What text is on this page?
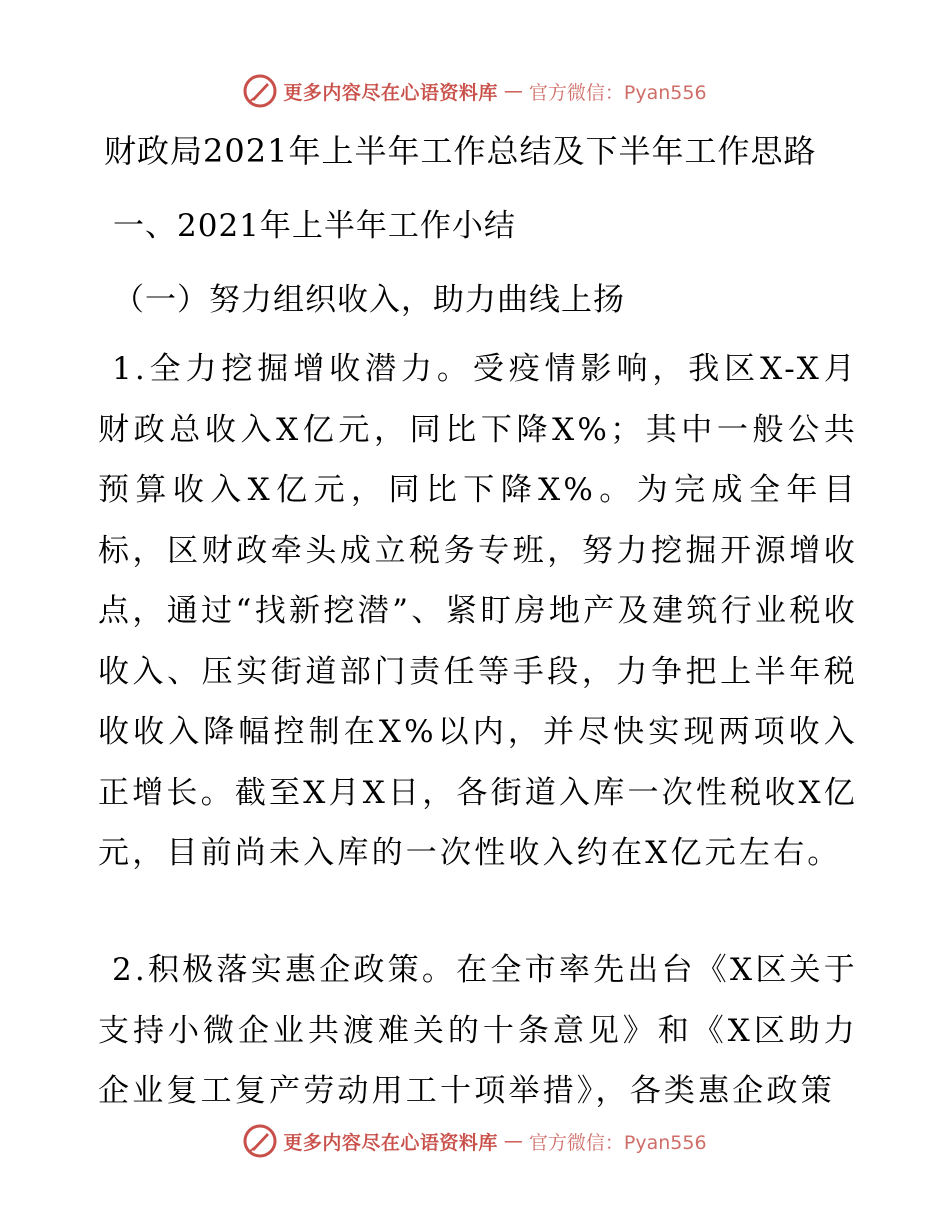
更多内容尽在心语资料库 — 官方微信：Pyan556
财政局2021年上半年工作总结及下半年工作思路
一、2021年上半年工作小结
（一）努力组织收入，助力曲线上扬

1.全力挖掘增收潜力。受疫情影响，我区X-X月财政总收入X亿元，同比下降X%；其中一般公共预算收入X亿元，同比下降X%。为完成全年目标，区财政牵头成立税务专班，努力挖掘开源增收点，通过“找新挖潜”、紧盯房地产及建筑行业税收收入、压实街道部门责任等手段，力争把上半年税收收入降幅控制在X%以内，并尽快实现两项收入正增长。截至X月X日，各街道入库一次性税收X亿元，目前尚未入库的一次性收入约在X亿元左右。

2.积极落实惠企政策。在全市率先出台《X区关于支持小微企业共渡难关的十条意见》和《X区助力企业复工复产劳动用工十项举措》，各类惠企政策

更多内容尽在心语资料库 — 官方微信：Pyan556
